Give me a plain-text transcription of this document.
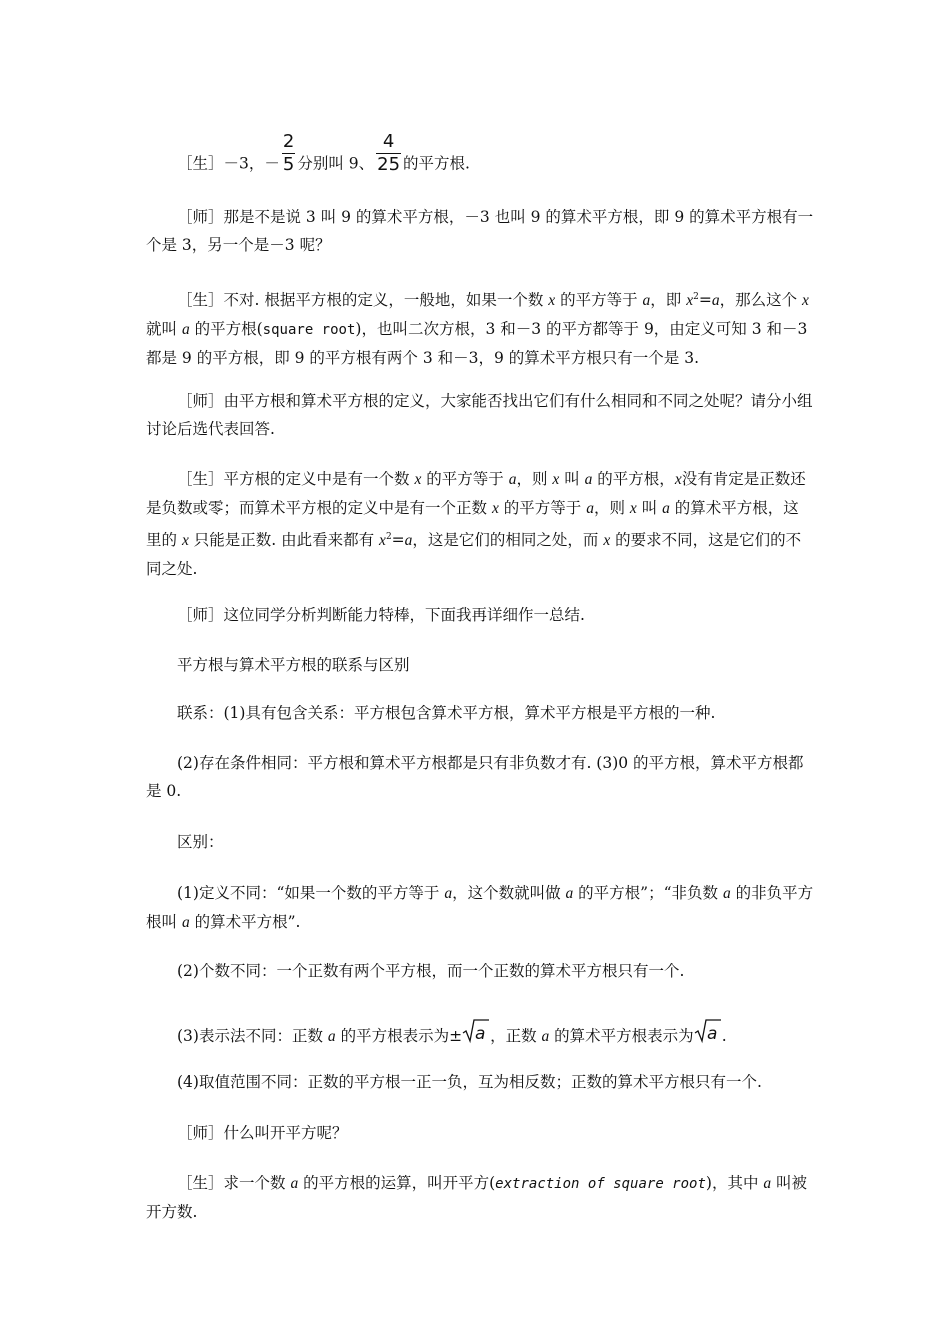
［生］－3，－ $\frac{2}{5}$ 分别叫 9、 $\frac{4}{25}$ 的平方根.
［师］那是不是说 3 叫 9 的算术平方根，－3 也叫 9 的算术平方根，即 9 的算术平方根有一个是 3，另一个是－3 呢？
［生］不对. 根据平方根的定义，一般地，如果一个数 x 的平方等于 a，即 $x^2=a$，那么这个 x 就叫 a 的平方根(square root)，也叫二次方根，3 和－3 的平方都等于 9，由定义可知 3 和－3 都是 9 的平方根，即 9 的平方根有两个 3 和－3，9 的算术平方根只有一个是 3.
［师］由平方根和算术平方根的定义，大家能否找出它们有什么相同和不同之处呢？请分小组讨论后选代表回答.
［生］平方根的定义中是有一个数 x 的平方等于 a，则 x 叫 a 的平方根，x没有肯定是正数还是负数或零；而算术平方根的定义中是有一个正数 x 的平方等于 a，则 x 叫 a 的算术平方根，这里的 x 只能是正数. 由此看来都有 $x^2=a$，这是它们的相同之处，而 x 的要求不同，这是它们的不同之处.
［师］这位同学分析判断能力特棒，下面我再详细作一总结.
平方根与算术平方根的联系与区别
联系：(1)具有包含关系：平方根包含算术平方根，算术平方根是平方根的一种.
(2)存在条件相同：平方根和算术平方根都是只有非负数才有. (3)0 的平方根，算术平方根都是 0.
区别：
(1)定义不同：“如果一个数的平方等于 a，这个数就叫做 a 的平方根”；“非负数 a 的非负平方根叫 a 的算术平方根”.
(2)个数不同：一个正数有两个平方根，而一个正数的算术平方根只有一个.
(3)表示法不同：正数 a 的平方根表示为± a ，正数 a 的算术平方根表示为 a .
(4)取值范围不同：正数的平方根一正一负，互为相反数；正数的算术平方根只有一个.
［师］什么叫开平方呢？
［生］求一个数 a 的平方根的运算，叫开平方(extraction of square root)，其中 a 叫被开方数.
